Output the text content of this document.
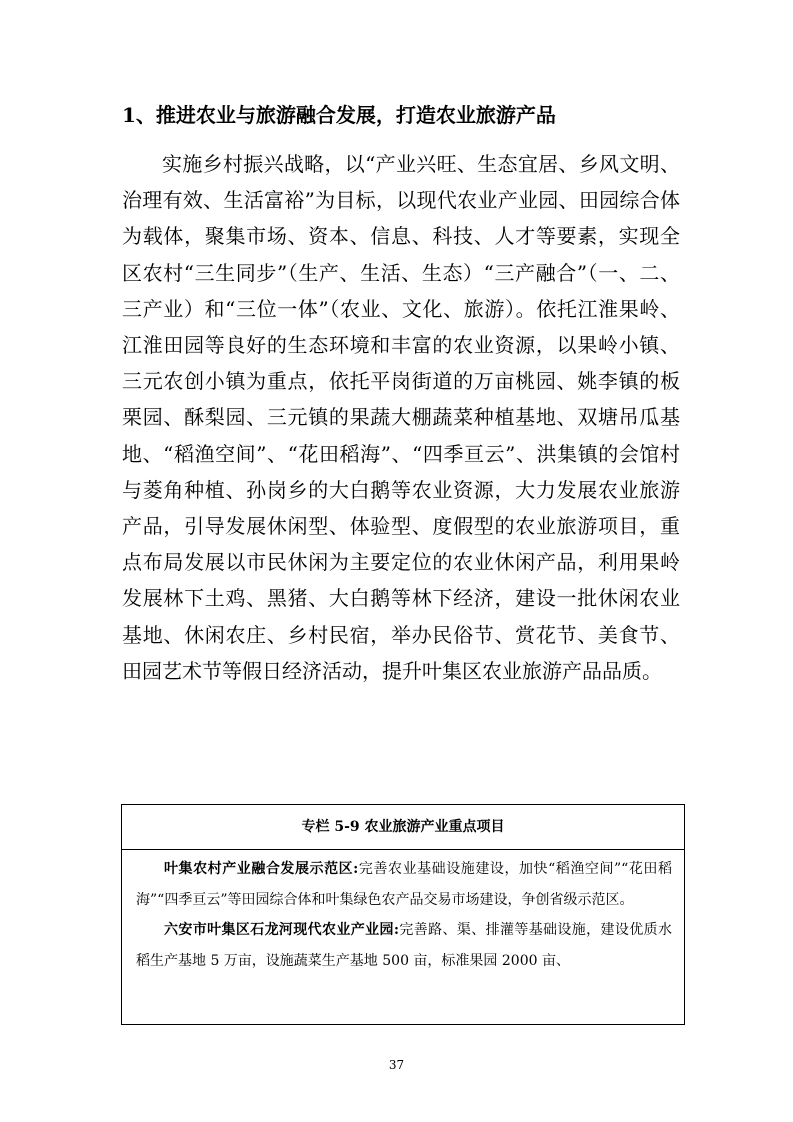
1、推进农业与旅游融合发展，打造农业旅游产品

实施乡村振兴战略，以“产业兴旺、生态宜居、乡风文明、治理有效、生活富裕”为目标，以现代农业产业园、田园综合体为载体，聚集市场、资本、信息、科技、人才等要素，实现全区农村“三生同步”（生产、生活、生态）“三产融合”（一、二、三产业）和“三位一体”（农业、文化、旅游）。依托江淮果岭、江淮田园等良好的生态环境和丰富的农业资源，以果岭小镇、三元农创小镇为重点，依托平岗街道的万亩桃园、姚李镇的板栗园、酥梨园、三元镇的果蔬大棚蔬菜种植基地、双塘吊瓜基地、“稻渔空间”、“花田稻海”、“四季亘云”、洪集镇的会馆村与菱角种植、孙岗乡的大白鹅等农业资源，大力发展农业旅游产品，引导发展休闲型、体验型、度假型的农业旅游项目，重点布局发展以市民休闲为主要定位的农业休闲产品，利用果岭发展林下土鸡、黑猪、大白鹅等林下经济，建设一批休闲农业基地、休闲农庄、乡村民宿，举办民俗节、赏花节、美食节、田园艺术节等假日经济活动，提升叶集区农业旅游产品品质。

专栏 5-9 农业旅游产业重点项目

叶集农村产业融合发展示范区:完善农业基础设施建设，加快“稻渔空间”“花田稻海”“四季亘云”等田园综合体和叶集绿色农产品交易市场建设，争创省级示范区。

六安市叶集区石龙河现代农业产业园:完善路、渠、排灌等基础设施，建设优质水稻生产基地 5 万亩，设施蔬菜生产基地 500 亩，标准果园 2000 亩、

37
